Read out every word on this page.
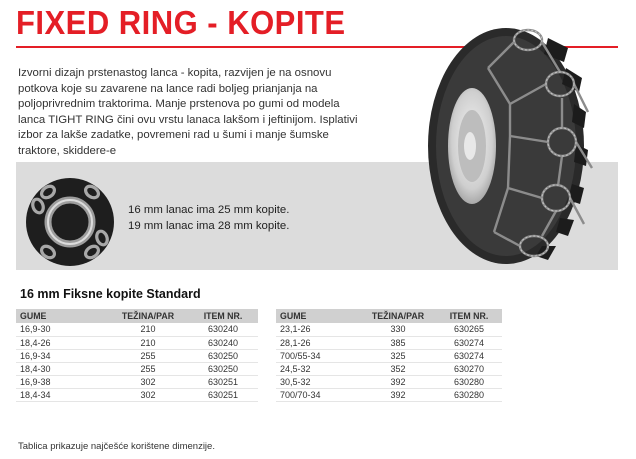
FIXED RING - KOPITE
Izvorni dizajn prstenastog lanca - kopita, razvijen je na osnovu
potkova koje su zavarene na lance radi boljeg prianjanja na
poljoprivrednim traktorima. Manje prstenova po gumi od modela
lanca TIGHT RING čini ovu vrstu lanaca lakšom i jeftinijom. Isplativi
izbor za lakše zadatke, povremeni rad u šumi i manje šumske
traktore, skiddere-e
16 mm lanac ima 25 mm kopite.
19 mm lanac ima 28 mm kopite.
16 mm Fiksne kopite Standard
GUME	TEŽINA/PAR	ITEM NR.
16,9-30	210	630240
18,4-26	210	630240
16,9-34	255	630250
18,4-30	255	630250
16,9-38	302	630251
18,4-34	302	630251
GUME	TEŽINA/PAR	ITEM NR.
23,1-26	330	630265
28,1-26	385	630274
700/55-34	325	630274
24,5-32	352	630270
30,5-32	392	630280
700/70-34	392	630280
Tablica prikazuje najčešće korištene dimenzije.
